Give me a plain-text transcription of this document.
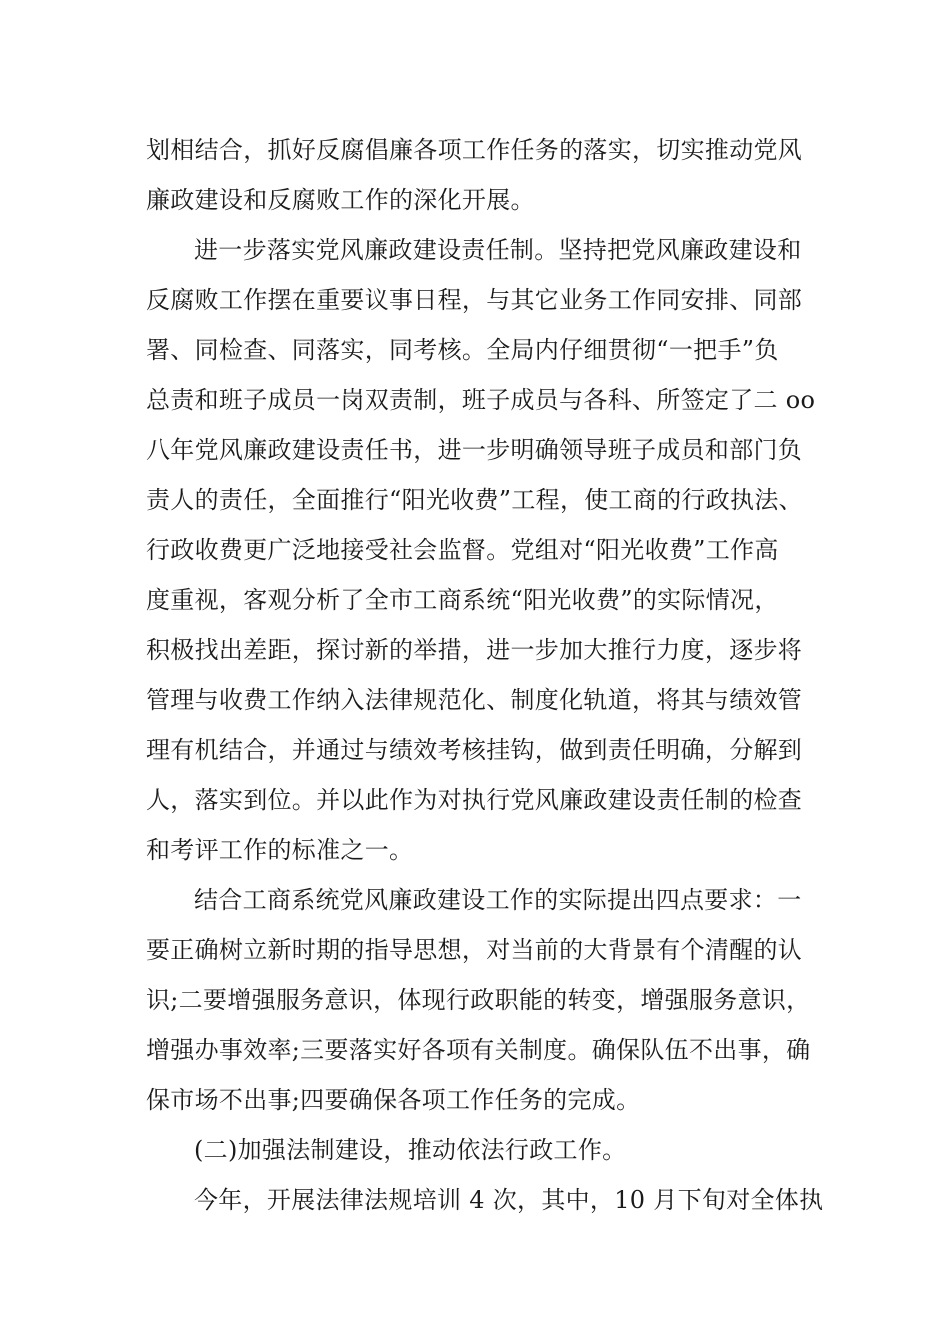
划相结合，抓好反腐倡廉各项工作任务的落实，切实推动党风
廉政建设和反腐败工作的深化开展。
进一步落实党风廉政建设责任制。坚持把党风廉政建设和
反腐败工作摆在重要议事日程，与其它业务工作同安排、同部
署、同检查、同落实，同考核。全局内仔细贯彻“一把手”负
总责和班子成员一岗双责制，班子成员与各科、所签定了二 oo
八年党风廉政建设责任书，进一步明确领导班子成员和部门负
责人的责任，全面推行“阳光收费”工程，使工商的行政执法、
行政收费更广泛地接受社会监督。党组对“阳光收费”工作高
度重视，客观分析了全市工商系统“阳光收费”的实际情况，
积极找出差距，探讨新的举措，进一步加大推行力度，逐步将
管理与收费工作纳入法律规范化、制度化轨道，将其与绩效管
理有机结合，并通过与绩效考核挂钩，做到责任明确，分解到
人，落实到位。并以此作为对执行党风廉政建设责任制的检查
和考评工作的标准之一。
结合工商系统党风廉政建设工作的实际提出四点要求：一
要正确树立新时期的指导思想，对当前的大背景有个清醒的认
识;二要增强服务意识，体现行政职能的转变，增强服务意识，
增强办事效率;三要落实好各项有关制度。确保队伍不出事，确
保市场不出事;四要确保各项工作任务的完成。
(二)加强法制建设，推动依法行政工作。
今年，开展法律法规培训 4 次，其中，10 月下旬对全体执
